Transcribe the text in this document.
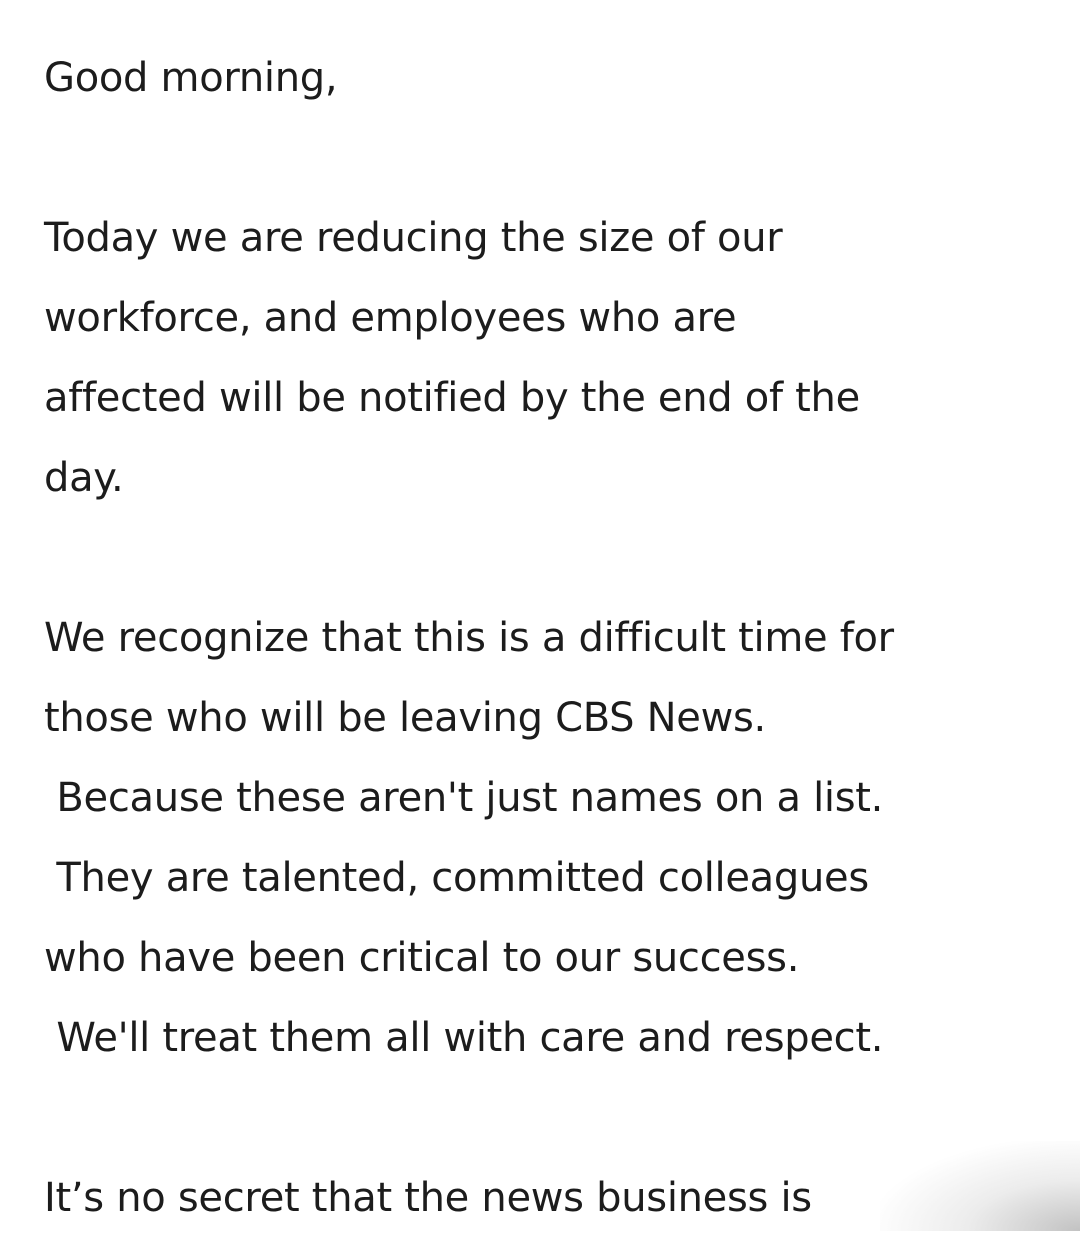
Good morning,
Today we are reducing the size of our
workforce, and employees who are
affected will be notified by the end of the
day.
We recognize that this is a difficult time for
those who will be leaving CBS News.
Because these aren't just names on a list.
They are talented, committed colleagues
who have been critical to our success.
We'll treat them all with care and respect.
It’s no secret that the news business is
